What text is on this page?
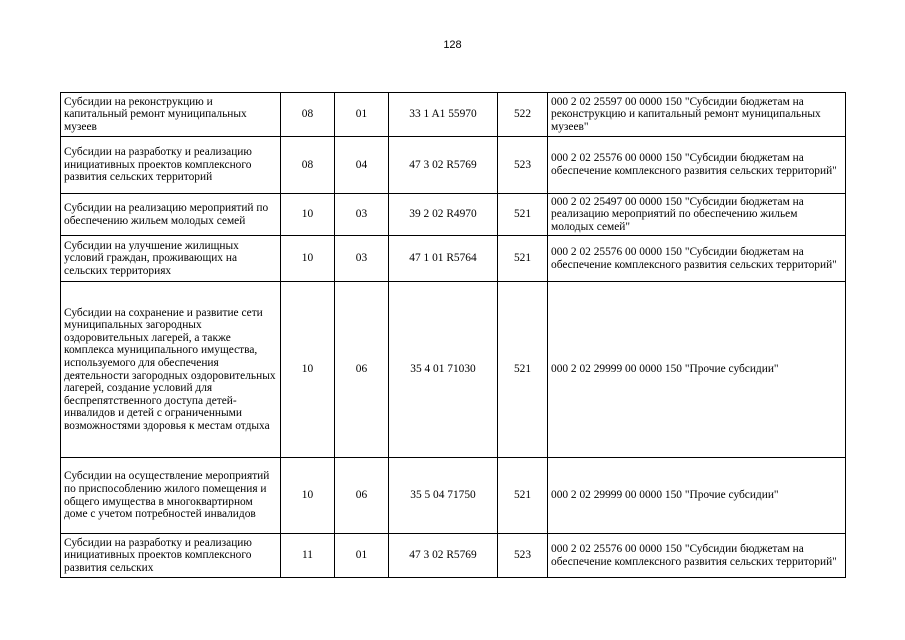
128
Субсидии на реконструкцию и капитальный ремонт муниципальных музеев	08	01	33 1 A1 55970	522	000 2 02 25597 00 0000 150 "Субсидии бюджетам на реконструкцию и капитальный ремонт муниципальных музеев"
Субсидии на разработку и реализацию инициативных проектов комплексного развития сельских территорий	08	04	47 3 02 R5769	523	000 2 02 25576 00 0000 150 "Субсидии бюджетам на обеспечение комплексного развития сельских территорий"
Субсидии на реализацию мероприятий по обеспечению жильем молодых семей	10	03	39 2 02 R4970	521	000 2 02 25497 00 0000 150 "Субсидии бюджетам на реализацию мероприятий по обеспечению жильем молодых семей"
Субсидии на улучшение жилищных условий граждан, проживающих на сельских территориях	10	03	47 1 01 R5764	521	000 2 02 25576 00 0000 150 "Субсидии бюджетам на обеспечение комплексного развития сельских территорий"
Субсидии на сохранение и развитие сети муниципальных загородных оздоровительных лагерей, а также комплекса муниципального имущества, используемого для обеспечения деятельности загородных оздоровительных лагерей, создание условий для беспрепятственного доступа детей-инвалидов и детей с ограниченными возможностями здоровья к местам отдыха	10	06	35 4 01 71030	521	000 2 02 29999 00 0000 150 "Прочие субсидии"
Субсидии на осуществление мероприятий по приспособлению жилого помещения и общего имущества в многоквартирном доме с учетом потребностей инвалидов	10	06	35 5 04 71750	521	000 2 02 29999 00 0000 150 "Прочие субсидии"
Субсидии на разработку и реализацию инициативных проектов комплексного развития сельских	11	01	47 3 02 R5769	523	000 2 02 25576 00 0000 150 "Субсидии бюджетам на обеспечение комплексного развития сельских территорий"
